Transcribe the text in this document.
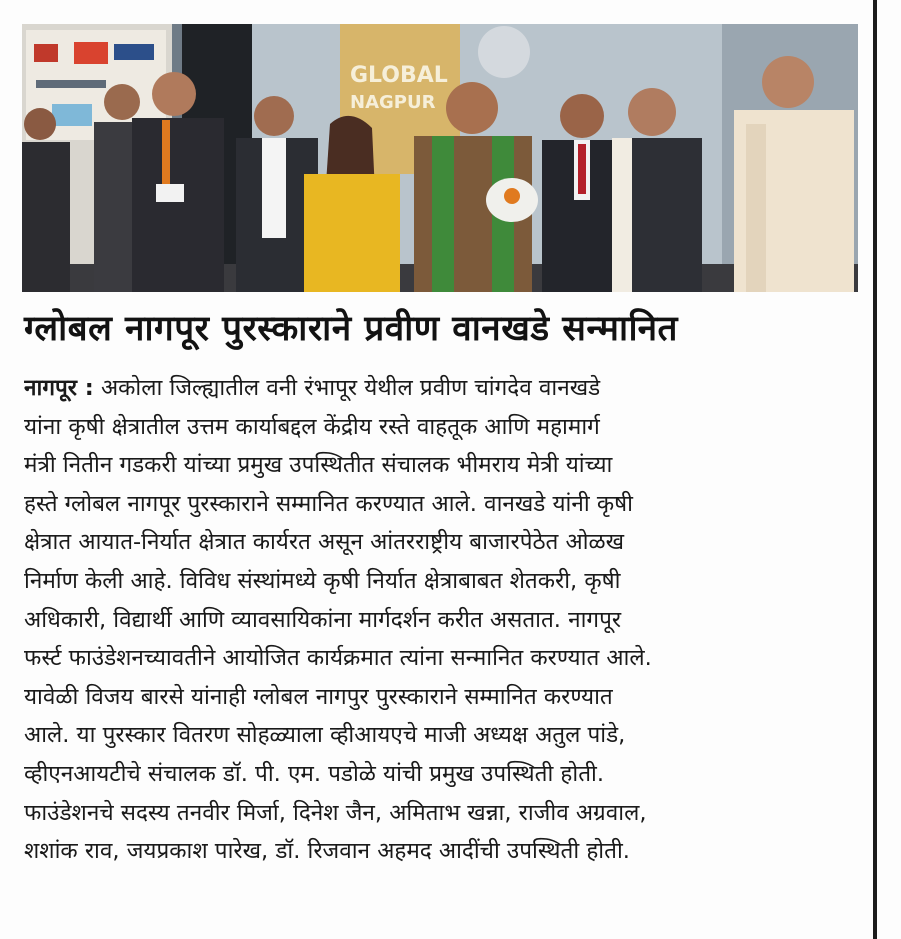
GLOBAL
NAGPUR
ग्लोबल नागपूर पुरस्काराने प्रवीण वानखडे सन्मानित
नागपूर : अकोला जिल्ह्यातील वनी रंभापूर येथील प्रवीण चांगदेव वानखडे
यांना कृषी क्षेत्रातील उत्तम कार्याबद्दल केंद्रीय रस्ते वाहतूक आणि महामार्ग
मंत्री नितीन गडकरी यांच्या प्रमुख उपस्थितीत संचालक भीमराय मेत्री यांच्या
हस्ते ग्लोबल नागपूर पुरस्काराने सम्मानित करण्यात आले. वानखडे यांनी कृषी
क्षेत्रात आयात-निर्यात क्षेत्रात कार्यरत असून आंतरराष्ट्रीय बाजारपेठेत ओळख
निर्माण केली आहे. विविध संस्थांमध्ये कृषी निर्यात क्षेत्राबाबत शेतकरी, कृषी
अधिकारी, विद्यार्थी आणि व्यावसायिकांना मार्गदर्शन करीत असतात. नागपूर
फर्स्ट फाउंडेशनच्यावतीने आयोजित कार्यक्रमात त्यांना सन्मानित करण्यात आले.
यावेळी विजय बारसे यांनाही ग्लोबल नागपुर पुरस्काराने सम्मानित करण्यात
आले. या पुरस्कार वितरण सोहळ्याला व्हीआयएचे माजी अध्यक्ष अतुल पांडे,
व्हीएनआयटीचे संचालक डॉ. पी. एम. पडोळे यांची प्रमुख उपस्थिती होती.
फाउंडेशनचे सदस्य तनवीर मिर्जा, दिनेश जैन, अमिताभ खन्ना, राजीव अग्रवाल,
शशांक राव, जयप्रकाश पारेख, डॉ. रिजवान अहमद आदींची उपस्थिती होती.
